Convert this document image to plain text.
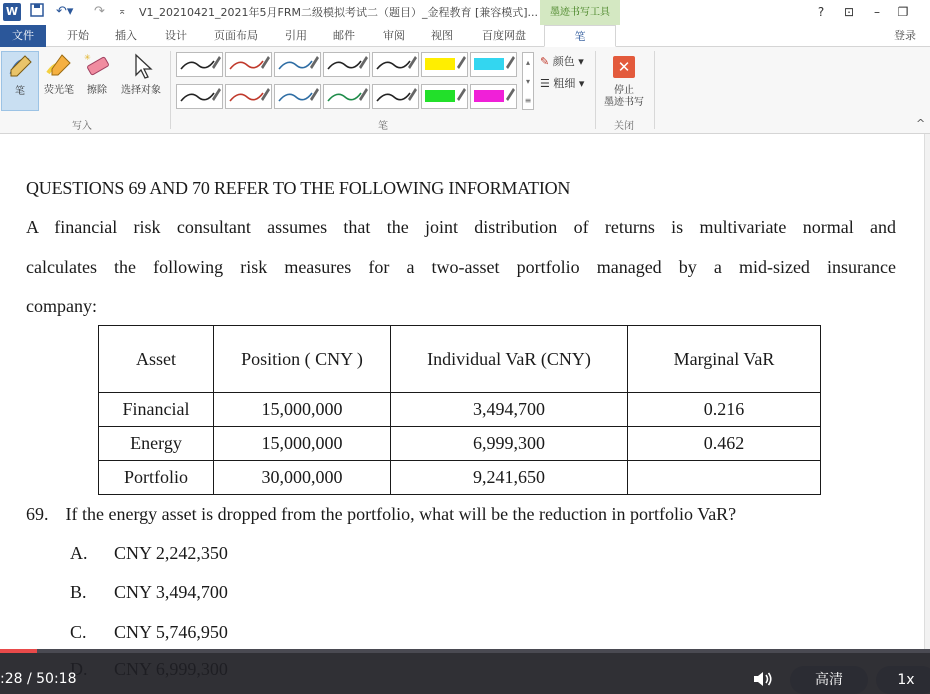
W	↶▾ ↷ ⌅ V1_20210421_2021年5月FRM二级模拟考试二（题目）_金程教育 [兼容模式]...	墨迹书写工具	?	⊡	–	❐
文件	开始	插入	设计	页面布局	引用	邮件	审阅	视图	百度网盘	笔	登录
笔	荧光笔
✳
擦除	选择对象
写入
▴
▾
≡
笔
✎ 颜色 ▾
☰ 粗细 ▾
✕
停止
墨迹书写
关闭	^
QUESTIONS 69 AND 70 REFER TO THE FOLLOWING INFORMATION
A financial risk consultant assumes that the joint distribution of returns is multivariate normal and
calculates the following risk measures for a two-asset portfolio managed by a mid-sized insurance
company:
Asset	Position ( CNY )	Individual VaR (CNY)	Marginal VaR
Financial	15,000,000	3,494,700	0.216
Energy	15,000,000	6,999,300	0.462
Portfolio	30,000,000	9,241,650	
69. If the energy asset is dropped from the portfolio, what will be the reduction in portfolio VaR?
A. CNY 2,242,350
B. CNY 3,494,700
C. CNY 5,746,950
:28 / 50:18	高清	1x
